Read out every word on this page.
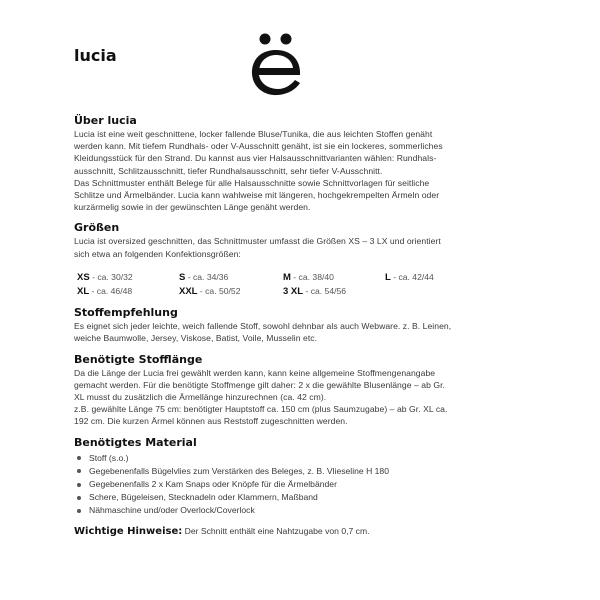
lucia
Über lucia

Lucia ist eine weit geschnittene, locker fallende Bluse/Tunika, die aus leichten Stoffen genäht

werden kann. Mit tiefem Rundhals- oder V-Ausschnitt genäht, ist sie ein lockeres, sommerliches

Kleidungsstück für den Strand. Du kannst aus vier Halsausschnittvarianten wählen: Rundhals-

ausschnitt, Schlitzausschnitt, tiefer Rundhalsausschnitt, sehr tiefer V-Ausschnitt.

Das Schnittmuster enthält Belege für alle Halsausschnitte sowie Schnittvorlagen für seitliche

Schlitze und Ärmelbänder. Lucia kann wahlweise mit längeren, hochgekrempelten Ärmeln oder

kurzärmelig sowie in der gewünschten Länge genäht werden.

Größen

Lucia ist oversized geschnitten, das Schnittmuster umfasst die Größen XS – 3 LX und orientiert

sich etwa an folgenden Konfektionsgrößen:

XS - ca. 30/32	S - ca. 34/36	M - ca. 38/40	L - ca. 42/44
XL - ca. 46/48	XXL - ca. 50/52	3 XL - ca. 54/56
Stoffempfehlung

Es eignet sich jeder leichte, weich fallende Stoff, sowohl dehnbar als auch Webware. z. B. Leinen,

weiche Baumwolle, Jersey, Viskose, Batist, Voile, Musselin etc.

Benötigte Stofflänge

Da die Länge der Lucia frei gewählt werden kann, kann keine allgemeine Stoffmengenangabe

gemacht werden. Für die benötigte Stoffmenge gilt daher: 2 x die gewählte Blusenlänge – ab Gr.

XL musst du zusätzlich die Ärmellänge hinzurechnen (ca. 42 cm).

z.B. gewählte Länge 75 cm: benötigter Hauptstoff ca. 150 cm (plus Saumzugabe) – ab Gr. XL ca.

192 cm. Die kurzen Ärmel können aus Reststoff zugeschnitten werden.

Benötigtes Material
Stoff (s.o.)
Gegebenenfalls Bügelvlies zum Verstärken des Beleges, z. B. Vlieseline H 180
Gegebenenfalls 2 x Kam Snaps oder Knöpfe für die Ärmelbänder
Schere, Bügeleisen, Stecknadeln oder Klammern, Maßband
Nähmaschine und/oder Overlock/Coverlock
Wichtige Hinweise: Der Schnitt enthält eine Nahtzugabe von 0,7 cm.
